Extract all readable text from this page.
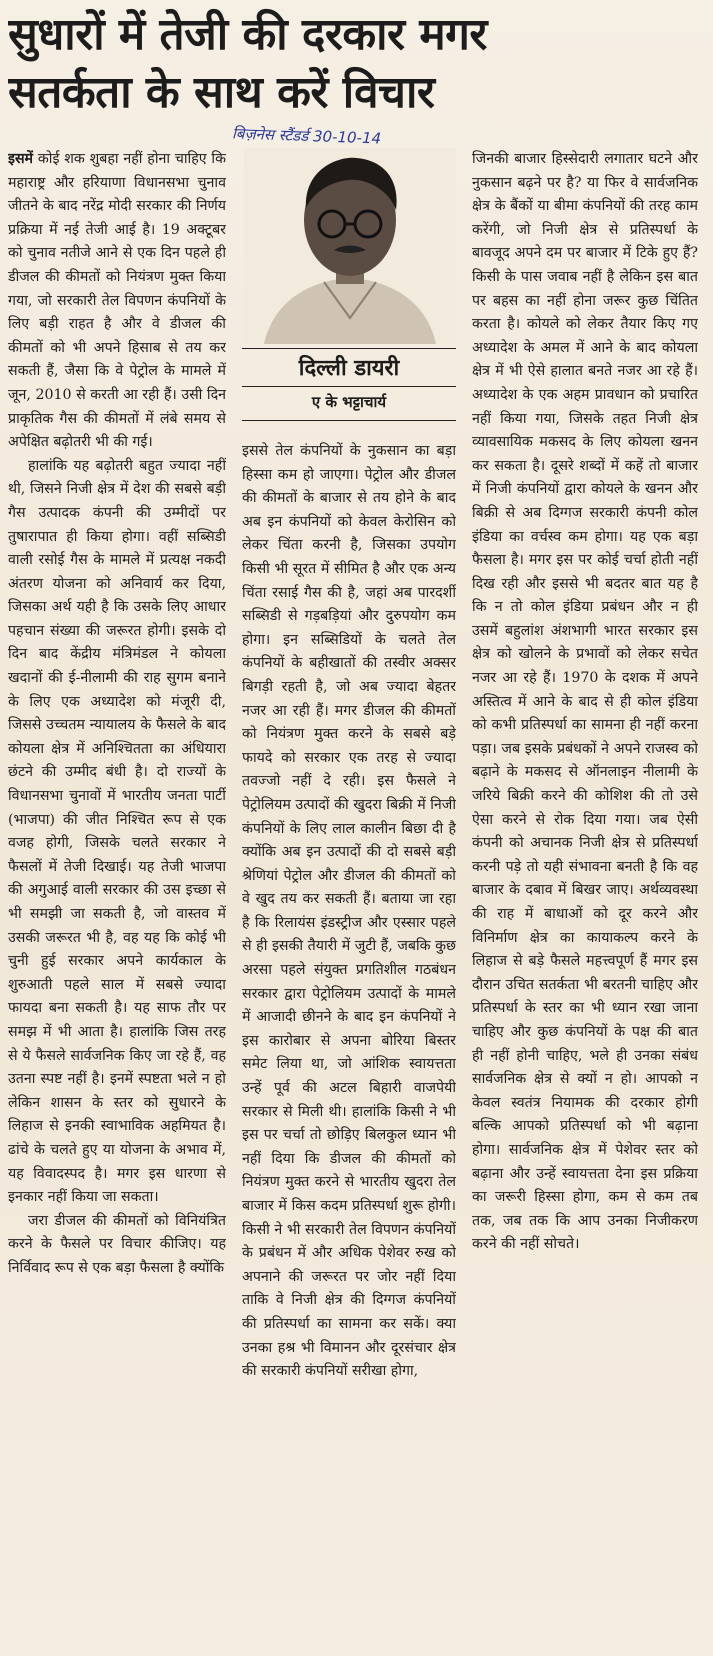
सुधारों में तेजी की दरकार मगर
सतर्कता के साथ करें विचार
बिज़नेस स्टैंडर्ड 30-10-14

इसमें कोई शक शुबहा नहीं होना चाहिए कि महाराष्ट्र और हरियाणा विधानसभा चुनाव जीतने के बाद नरेंद्र मोदी सरकार की निर्णय प्रक्रिया में नई तेजी आई है। 19 अक्टूबर को चुनाव नतीजे आने से एक दिन पहले ही डीजल की कीमतों को नियंत्रण मुक्त किया गया, जो सरकारी तेल विपणन कंपनियों के लिए बड़ी राहत है और वे डीजल की कीमतों को भी अपने हिसाब से तय कर सकती हैं, जैसा कि वे पेट्रोल के मामले में जून, 2010 से करती आ रही हैं। उसी दिन प्राकृतिक गैस की कीमतों में लंबे समय से अपेक्षित बढ़ोतरी भी की गई।

हालांकि यह बढ़ोतरी बहुत ज्यादा नहीं थी, जिसने निजी क्षेत्र में देश की सबसे बड़ी गैस उत्पादक कंपनी की उम्मीदों पर तुषारापात ही किया होगा। वहीं सब्सिडी वाली रसोई गैस के मामले में प्रत्यक्ष नकदी अंतरण योजना को अनिवार्य कर दिया, जिसका अर्थ यही है कि उसके लिए आधार पहचान संख्या की जरूरत होगी। इसके दो दिन बाद केंद्रीय मंत्रिमंडल ने कोयला खदानों की ई-नीलामी की राह सुगम बनाने के लिए एक अध्यादेश को मंजूरी दी, जिससे उच्चतम न्यायालय के फैसले के बाद कोयला क्षेत्र में अनिश्चितता का अंधियारा छंटने की उम्मीद बंधी है। दो राज्यों के विधानसभा चुनावों में भारतीय जनता पार्टी (भाजपा) की जीत निश्चित रूप से एक वजह होगी, जिसके चलते सरकार ने फैसलों में तेजी दिखाई। यह तेजी भाजपा की अगुआई वाली सरकार की उस इच्छा से भी समझी जा सकती है, जो वास्तव में उसकी जरूरत भी है, वह यह कि कोई भी चुनी हुई सरकार अपने कार्यकाल के शुरुआती पहले साल में सबसे ज्यादा फायदा बना सकती है। यह साफ तौर पर समझ में भी आता है। हालांकि जिस तरह से ये फैसले सार्वजनिक किए जा रहे हैं, वह उतना स्पष्ट नहीं है। इनमें स्पष्टता भले न हो लेकिन शासन के स्तर को सुधारने के लिहाज से इनकी स्वाभाविक अहमियत है। ढांचे के चलते हुए या योजना के अभाव में, यह विवादस्पद है। मगर इस धारणा से इनकार नहीं किया जा सकता।

जरा डीजल की कीमतों को विनियंत्रित करने के फैसले पर विचार कीजिए। यह निर्विवाद रूप से एक बड़ा फैसला है क्योंकि

दिल्ली डायरी
ए के भट्टाचार्य

इससे तेल कंपनियों के नुकसान का बड़ा हिस्सा कम हो जाएगा। पेट्रोल और डीजल की कीमतों के बाजार से तय होने के बाद अब इन कंपनियों को केवल केरोसिन को लेकर चिंता करनी है, जिसका उपयोग किसी भी सूरत में सीमित है और एक अन्य चिंता रसाई गैस की है, जहां अब पारदर्शी सब्सिडी से गड़बड़ियां और दुरुपयोग कम होगा। इन सब्सिडियों के चलते तेल कंपनियों के बहीखातों की तस्वीर अक्सर बिगड़ी रहती है, जो अब ज्यादा बेहतर नजर आ रही हैं। मगर डीजल की कीमतों को नियंत्रण मुक्त करने के सबसे बड़े फायदे को सरकार एक तरह से ज्यादा तवज्जो नहीं दे रही। इस फैसले ने पेट्रोलियम उत्पादों की खुदरा बिक्री में निजी कंपनियों के लिए लाल कालीन बिछा दी है क्योंकि अब इन उत्पादों की दो सबसे बड़ी श्रेणियां पेट्रोल और डीजल की कीमतों को वे खुद तय कर सकती हैं। बताया जा रहा है कि रिलायंस इंडस्ट्रीज और एस्सार पहले से ही इसकी तैयारी में जुटी हैं, जबकि कुछ अरसा पहले संयुक्त प्रगतिशील गठबंधन सरकार द्वारा पेट्रोलियम उत्पादों के मामले में आजादी छीनने के बाद इन कंपनियों ने इस कारोबार से अपना बोरिया बिस्तर समेट लिया था, जो आंशिक स्वायत्तता उन्हें पूर्व की अटल बिहारी वाजपेयी सरकार से मिली थी। हालांकि किसी ने भी इस पर चर्चा तो छोड़िए बिलकुल ध्यान भी नहीं दिया कि डीजल की कीमतों को नियंत्रण मुक्त करने से भारतीय खुदरा तेल बाजार में किस कदम प्रतिस्पर्धा शुरू होगी। किसी ने भी सरकारी तेल विपणन कंपनियों के प्रबंधन में और अधिक पेशेवर रुख को अपनाने की जरूरत पर जोर नहीं दिया ताकि वे निजी क्षेत्र की दिग्गज कंपनियों की प्रतिस्पर्धा का सामना कर सकें। क्या उनका हश्र भी विमानन और दूरसंचार क्षेत्र की सरकारी कंपनियों सरीखा होगा,

जिनकी बाजार हिस्सेदारी लगातार घटने और नुकसान बढ़ने पर है? या फिर वे सार्वजनिक क्षेत्र के बैंकों या बीमा कंपनियों की तरह काम करेंगी, जो निजी क्षेत्र से प्रतिस्पर्धा के बावजूद अपने दम पर बाजार में टिके हुए हैं? किसी के पास जवाब नहीं है लेकिन इस बात पर बहस का नहीं होना जरूर कुछ चिंतित करता है। कोयले को लेकर तैयार किए गए अध्यादेश के अमल में आने के बाद कोयला क्षेत्र में भी ऐसे हालात बनते नजर आ रहे हैं। अध्यादेश के एक अहम प्रावधान को प्रचारित नहीं किया गया, जिसके तहत निजी क्षेत्र व्यावसायिक मकसद के लिए कोयला खनन कर सकता है। दूसरे शब्दों में कहें तो बाजार में निजी कंपनियों द्वारा कोयले के खनन और बिक्री से अब दिग्गज सरकारी कंपनी कोल इंडिया का वर्चस्व कम होगा। यह एक बड़ा फैसला है। मगर इस पर कोई चर्चा होती नहीं दिख रही और इससे भी बदतर बात यह है कि न तो कोल इंडिया प्रबंधन और न ही उसमें बहुलांश अंशभागी भारत सरकार इस क्षेत्र को खोलने के प्रभावों को लेकर सचेत नजर आ रहे हैं। 1970 के दशक में अपने अस्तित्व में आने के बाद से ही कोल इंडिया को कभी प्रतिस्पर्धा का सामना ही नहीं करना पड़ा। जब इसके प्रबंधकों ने अपने राजस्व को बढ़ाने के मकसद से ऑनलाइन नीलामी के जरिये बिक्री करने की कोशिश की तो उसे ऐसा करने से रोक दिया गया। जब ऐसी कंपनी को अचानक निजी क्षेत्र से प्रतिस्पर्धा करनी पड़े तो यही संभावना बनती है कि वह बाजार के दबाव में बिखर जाए। अर्थव्यवस्था की राह में बाधाओं को दूर करने और विनिर्माण क्षेत्र का कायाकल्प करने के लिहाज से बड़े फैसले महत्त्वपूर्ण हैं मगर इस दौरान उचित सतर्कता भी बरतनी चाहिए और प्रतिस्पर्धा के स्तर का भी ध्यान रखा जाना चाहिए और कुछ कंपनियों के पक्ष की बात ही नहीं होनी चाहिए, भले ही उनका संबंध सार्वजनिक क्षेत्र से क्यों न हो। आपको न केवल स्वतंत्र नियामक की दरकार होगी बल्कि आपको प्रतिस्पर्धा को भी बढ़ाना होगा। सार्वजनिक क्षेत्र में पेशेवर स्तर को बढ़ाना और उन्हें स्वायत्तता देना इस प्रक्रिया का जरूरी हिस्सा होगा, कम से कम तब तक, जब तक कि आप उनका निजीकरण करने की नहीं सोचते।
